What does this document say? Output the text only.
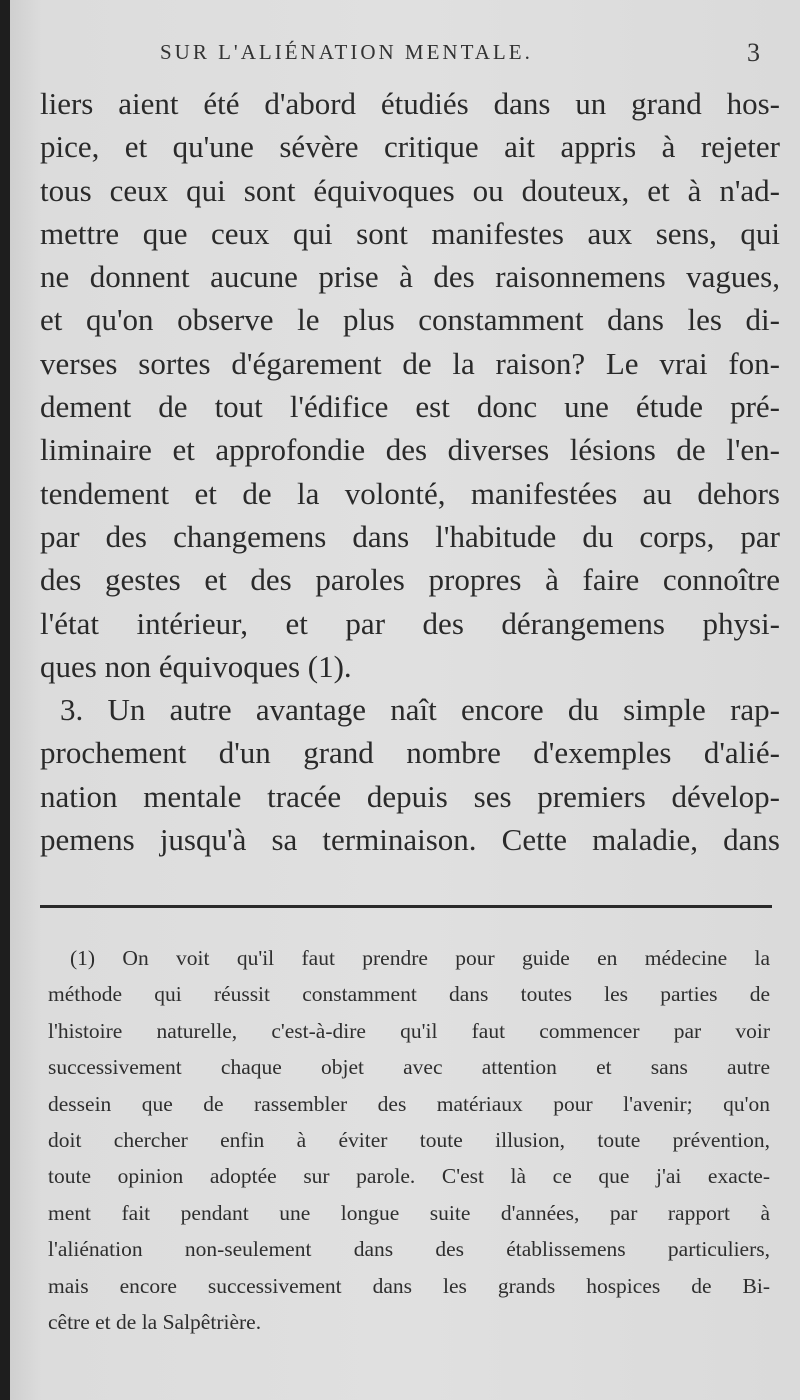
SUR L'ALIÉNATION MENTALE.	3
liers aient été d'abord étudiés dans un grand hos-
pice, et qu'une sévère critique ait appris à rejeter
tous ceux qui sont équivoques ou douteux, et à n'ad-
mettre que ceux qui sont manifestes aux sens, qui
ne donnent aucune prise à des raisonnemens vagues,
et qu'on observe le plus constamment dans les di-
verses sortes d'égarement de la raison? Le vrai fon-
dement de tout l'édifice est donc une étude pré-
liminaire et approfondie des diverses lésions de l'en-
tendement et de la volonté, manifestées au dehors
par des changemens dans l'habitude du corps, par
des gestes et des paroles propres à faire connoître
l'état intérieur, et par des dérangemens physi-
ques non équivoques (1).
3. Un autre avantage naît encore du simple rap-
prochement d'un grand nombre d'exemples d'alié-
nation mentale tracée depuis ses premiers dévelop-
pemens jusqu'à sa terminaison. Cette maladie, dans
(1) On voit qu'il faut prendre pour guide en médecine la
méthode qui réussit constamment dans toutes les parties de
l'histoire naturelle, c'est-à-dire qu'il faut commencer par voir
successivement chaque objet avec attention et sans autre
dessein que de rassembler des matériaux pour l'avenir; qu'on
doit chercher enfin à éviter toute illusion, toute prévention,
toute opinion adoptée sur parole. C'est là ce que j'ai exacte-
ment fait pendant une longue suite d'années, par rapport à
l'aliénation non-seulement dans des établissemens particuliers,
mais encore successivement dans les grands hospices de Bi-
cêtre et de la Salpêtrière.
